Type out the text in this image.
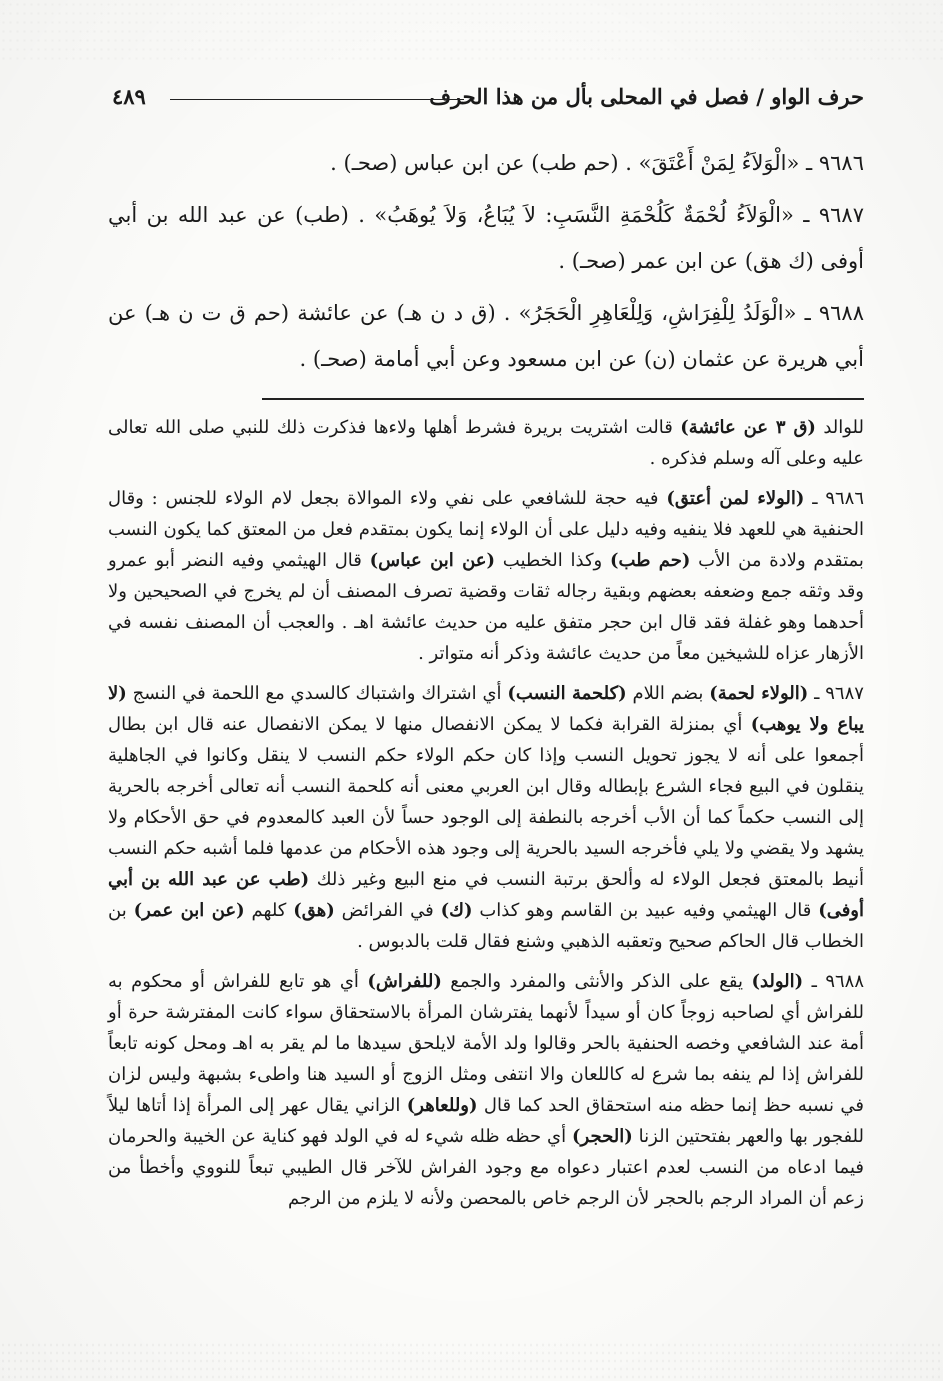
حرف الواو / فصل في المحلى بأل من هذا الحرف
٤٨٩

٩٦٨٦ ـ «الْوَلاَءُ لِمَنْ أَعْتَقَ» . (حم طب) عن ابن عباس (صحـ) .

٩٦٨٧ ـ «الْوَلاَءُ لُحْمَةٌ كَلُحْمَةِ النَّسَبِ: لاَ يُبَاعُ، وَلاَ يُوهَبُ» . (طب) عن عبد الله بن أبي أوفى (ك هق) عن ابن عمر (صحـ) .

٩٦٨٨ ـ «الْوَلَدُ لِلْفِرَاشِ، وَلِلْعَاهِرِ الْحَجَرُ» . (ق د ن هـ) عن عائشة (حم ق ت ن هـ) عن أبي هريرة عن عثمان (ن) عن ابن مسعود وعن أبي أمامة (صحـ) .

للوالد (ق ٣ عن عائشة) قالت اشتريت بريرة فشرط أهلها ولاءها فذكرت ذلك للنبي صلى الله تعالى عليه وعلى آله وسلم فذكره .

٩٦٨٦ ـ (الولاء لمن أعتق) فيه حجة للشافعي على نفي ولاء الموالاة بجعل لام الولاء للجنس : وقال الحنفية هي للعهد فلا ينفيه وفيه دليل على أن الولاء إنما يكون بمتقدم فعل من المعتق كما يكون النسب بمتقدم ولادة من الأب (حم طب) وكذا الخطيب (عن ابن عباس) قال الهيثمي وفيه النضر أبو عمرو وقد وثقه جمع وضعفه بعضهم وبقية رجاله ثقات وقضية تصرف المصنف أن لم يخرج في الصحيحين ولا أحدهما وهو غفلة فقد قال ابن حجر متفق عليه من حديث عائشة اهـ . والعجب أن المصنف نفسه في الأزهار عزاه للشيخين معاً من حديث عائشة وذكر أنه متواتر .

٩٦٨٧ ـ (الولاء لحمة) بضم اللام (كلحمة النسب) أي اشتراك واشتباك كالسدي مع اللحمة في النسج (لا يباع ولا يوهب) أي بمنزلة القرابة فكما لا يمكن الانفصال منها لا يمكن الانفصال عنه قال ابن بطال أجمعوا على أنه لا يجوز تحويل النسب وإذا كان حكم الولاء حكم النسب لا ينقل وكانوا في الجاهلية ينقلون في البيع فجاء الشرع بإبطاله وقال ابن العربي معنى أنه كلحمة النسب أنه تعالى أخرجه بالحرية إلى النسب حكماً كما أن الأب أخرجه بالنطفة إلى الوجود حساً لأن العبد كالمعدوم في حق الأحكام ولا يشهد ولا يقضي ولا يلي فأخرجه السيد بالحرية إلى وجود هذه الأحكام من عدمها فلما أشبه حكم النسب أنيط بالمعتق فجعل الولاء له وألحق برتبة النسب في منع البيع وغير ذلك (طب عن عبد الله بن أبي أوفى) قال الهيثمي وفيه عبيد بن القاسم وهو كذاب (ك) في الفرائض (هق) كلهم (عن ابن عمر) بن الخطاب قال الحاكم صحيح وتعقبه الذهبي وشنع فقال قلت بالدبوس .

٩٦٨٨ ـ (الولد) يقع على الذكر والأنثى والمفرد والجمع (للفراش) أي هو تابع للفراش أو محكوم به للفراش أي لصاحبه زوجاً كان أو سيداً لأنهما يفترشان المرأة بالاستحقاق سواء كانت المفترشة حرة أو أمة عند الشافعي وخصه الحنفية بالحر وقالوا ولد الأمة لايلحق سيدها ما لم يقر به اهـ ومحل كونه تابعاً للفراش إذا لم ينفه بما شرع له كاللعان والا انتفى ومثل الزوج أو السيد هنا واطىء بشبهة وليس لزان في نسبه حظ إنما حظه منه استحقاق الحد كما قال (وللعاهر) الزاني يقال عهر إلى المرأة إذا أتاها ليلاً للفجور بها والعهر بفتحتين الزنا (الحجر) أي حظه ظله شيء له في الولد فهو كناية عن الخيبة والحرمان فيما ادعاه من النسب لعدم اعتبار دعواه مع وجود الفراش للآخر قال الطيبي تبعاً للنووي وأخطأ من زعم أن المراد الرجم بالحجر لأن الرجم خاص بالمحصن ولأنه لا يلزم من الرجم
